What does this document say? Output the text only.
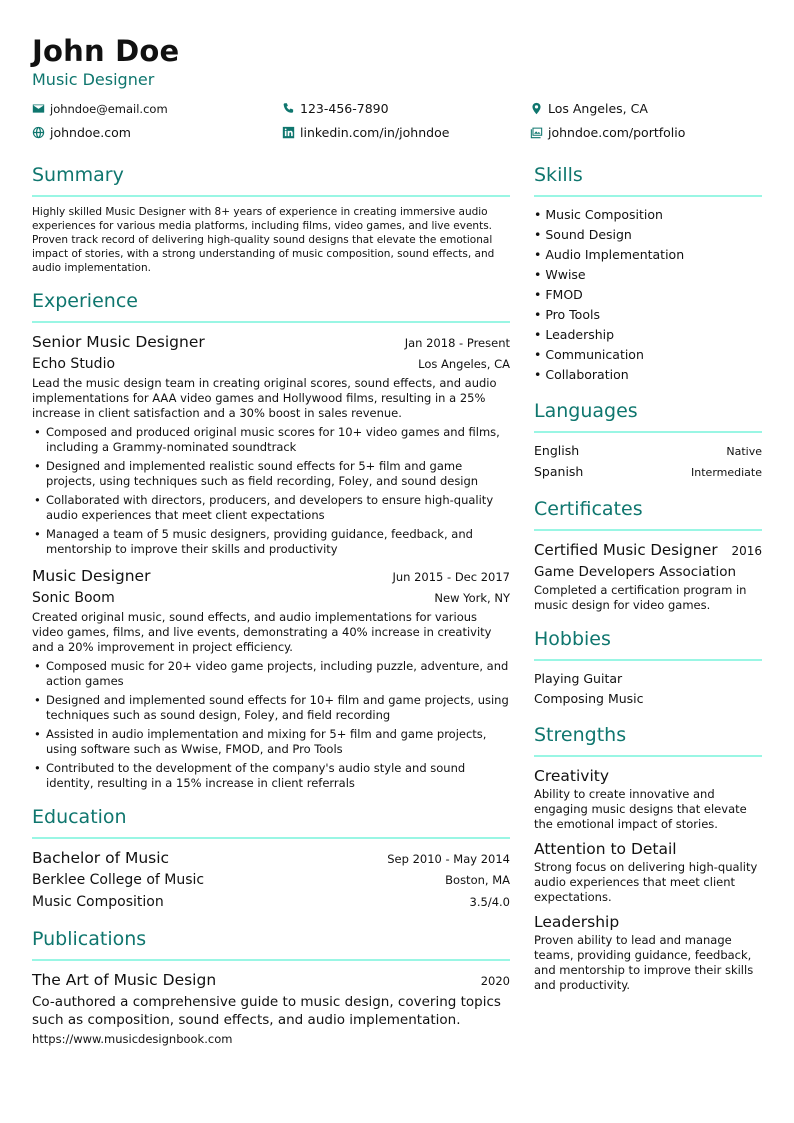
John Doe
Music Designer
johndoe@email.com	123-456-7890	Los Angeles, CA
johndoe.com	linkedin.com/in/johndoe	johndoe.com/portfolio
Summary
Highly skilled Music Designer with 8+ years of experience in creating immersive audio experiences for various media platforms, including films, video games, and live events. Proven track record of delivering high-quality sound designs that elevate the emotional impact of stories, with a strong understanding of music composition, sound effects, and audio implementation.
Experience
Senior Music Designer	Jan 2018 - Present
Echo Studio	Los Angeles, CA
Lead the music design team in creating original scores, sound effects, and audio implementations for AAA video games and Hollywood films, resulting in a 25% increase in client satisfaction and a 30% boost in sales revenue.
• Composed and produced original music scores for 10+ video games and films, including a Grammy-nominated soundtrack
• Designed and implemented realistic sound effects for 5+ film and game projects, using techniques such as field recording, Foley, and sound design
• Collaborated with directors, producers, and developers to ensure high-quality audio experiences that meet client expectations
• Managed a team of 5 music designers, providing guidance, feedback, and mentorship to improve their skills and productivity
Music Designer	Jun 2015 - Dec 2017
Sonic Boom	New York, NY
Created original music, sound effects, and audio implementations for various video games, films, and live events, demonstrating a 40% increase in creativity and a 20% improvement in project efficiency.
• Composed music for 20+ video game projects, including puzzle, adventure, and action games
• Designed and implemented sound effects for 10+ film and game projects, using techniques such as sound design, Foley, and field recording
• Assisted in audio implementation and mixing for 5+ film and game projects, using software such as Wwise, FMOD, and Pro Tools
• Contributed to the development of the company's audio style and sound identity, resulting in a 15% increase in client referrals
Education
Bachelor of Music	Sep 2010 - May 2014
Berklee College of Music	Boston, MA
Music Composition	3.5/4.0
Publications
The Art of Music Design	2020
Co-authored a comprehensive guide to music design, covering topics such as composition, sound effects, and audio implementation.
https://www.musicdesignbook.com
Skills
• Music Composition
• Sound Design
• Audio Implementation
• Wwise
• FMOD
• Pro Tools
• Leadership
• Communication
• Collaboration
Languages
English	Native
Spanish	Intermediate
Certificates
Certified Music Designer 2016
Game Developers Association
Completed a certification program in music design for video games.
Hobbies
Playing Guitar
Composing Music
Strengths
Creativity
Ability to create innovative and engaging music designs that elevate the emotional impact of stories.
Attention to Detail
Strong focus on delivering high-quality audio experiences that meet client expectations.
Leadership
Proven ability to lead and manage teams, providing guidance, feedback, and mentorship to improve their skills and productivity.
